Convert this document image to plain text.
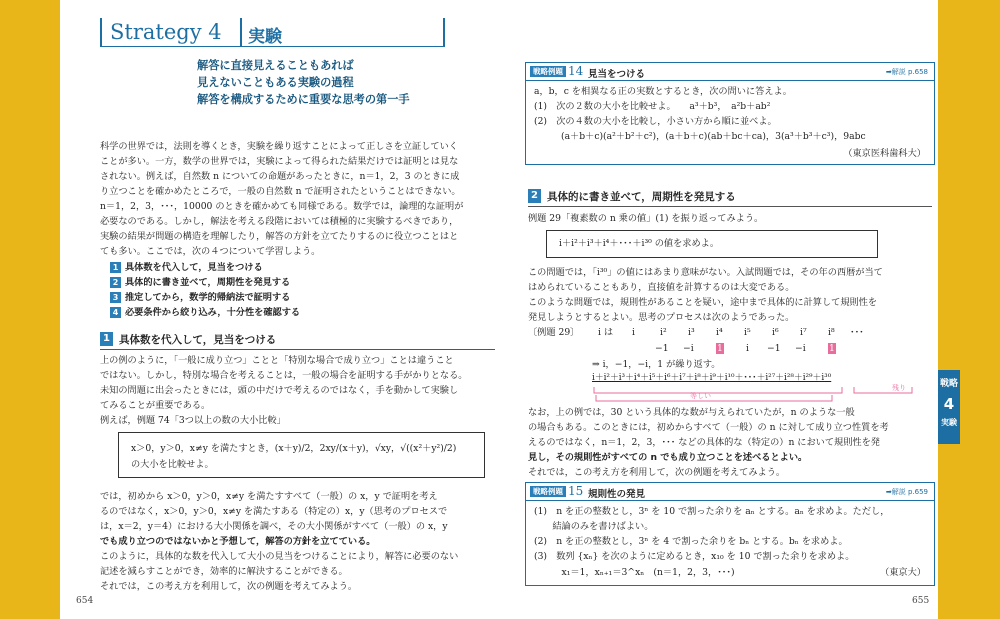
Strategy 4 実験
解答に直接見えることもあれば
見えないこともある実験の過程
解答を構成するために重要な思考の第一手
科学の世界では，法則を導くとき，実験を繰り返すことによって正しさを立証していく
ことが多い。一方，数学の世界では，実験によって得られた結果だけでは証明とは見な
されない。例えば，自然数 n についての命題があったときに，n＝1，2，3 のときに成
り立つことを確かめたところで，一般の自然数 n で証明されたということはできない。
n＝1，2，3，･･･，10000 のときを確かめても同様である。数学では，論理的な証明が
必要なのである。しかし，解法を考える段階においては積極的に実験するべきであり，
実験の結果が問題の構造を理解したり，解答の方針を立てたりするのに役立つことはと
ても多い。ここでは，次の４つについて学習しよう。
1 具体数を代入して，見当をつける
2 具体的に書き並べて，周期性を発見する
3 推定してから，数学的帰納法で証明する
4 必要条件から絞り込み，十分性を確認する
1 具体数を代入して，見当をつける
上の例のように，「一般に成り立つ」ことと「特別な場合で成り立つ」ことは違うこと
ではない。しかし，特別な場合を考えることは，一般の場合を証明する手がかりとなる。
未知の問題に出会ったときには，頭の中だけで考えるのではなく，手を動かして実験し
てみることが重要である。
例えば，例題 74「3つ以上の数の大小比較」
x＞0，y＞0，x≠y を満たすとき，(x＋y)/2，2xy/(x＋y)，√xy，√((x²＋y²)/2)
の大小を比較せよ。
では，初めから x＞0，y＞0，x≠y を満たすすべて（一般）の x，y で証明を考え
るのではなく，x＞0，y＞0，x≠y を満たすある（特定の）x，y（思考のプロセスで
は，x＝2，y＝4）における大小関係を調べ，その大小関係がすべて（一般）の x，y
でも成り立つのではないかと予想して，解答の方針を立てている。
このように，具体的な数を代入して大小の見当をつけることにより，解答に必要のない
記述を減らすことができ，効率的に解決することができる。
それでは，この考え方を利用して，次の例題を考えてみよう。
654
戦略例題 14 見当をつける	➡解説 p.658
a，b，c を相異なる正の実数とするとき，次の問いに答えよ。
(1)　次の２数の大小を比較せよ。　　a³＋b³，　a²b＋ab²
(2)　次の４数の大小を比較し，小さい方から順に並べよ。
(a＋b＋c)(a²＋b²＋c²)，(a＋b＋c)(ab＋bc＋ca)，3(a³＋b³＋c³)，9abc
（東京医科歯科大）
2 具体的に書き並べて，周期性を発見する
例題 29「複素数の n 乗の値」(1) を振り返ってみよう。
i＋i²＋i³＋i⁴＋･･･＋i³⁰ の値を求めよ。
この問題では，「i³⁰」の値にはあまり意味がない。入試問題では，その年の西暦が当て
はめられていることもあり，直接値を計算するのは大変である。
このような問題では，規則性があることを疑い，途中まで具体的に計算して規則性を
発見しようとするとよい。思考のプロセスは次のようであった。
〔例題 29〕 i は i	i² i³ i⁴ i⁵ i⁶ i⁷ i⁸ ･･･
−1 −i	1	i −1 −i	1
⇒ i，−1，−i，1 が繰り返す。
i＋i²＋i³＋i⁴＋i⁵＋i⁶＋i⁷＋i⁸＋i⁹＋i¹⁰＋･･･＋i²⁷＋i²⁸＋i²⁹＋i³⁰
等しい
残り
なお，上の例では，30 という具体的な数が与えられていたが，n のような一般
の場合もある。このときには，初めからすべて（一般）の n に対して成り立つ性質を考
えるのではなく，n＝1，2，3，･･･ などの具体的な（特定の）n において規則性を発
見し，その規則性がすべての n でも成り立つことを述べるとよい。
それでは，この考え方を利用して，次の例題を考えてみよう。
戦略例題 15 規則性の発見	➡解説 p.659
(1)　n を正の整数とし，3ⁿ を 10 で割った余りを aₙ とする。aₙ を求めよ。ただし，
　　結論のみを書けばよい。
(2)　n を正の整数とし，3ⁿ を 4 で割った余りを bₙ とする。bₙ を求めよ。
(3)　数列 {xₙ} を次のように定めるとき，x₁₀ を 10 で割った余りを求めよ。
　　　x₁＝1，xₙ₊₁＝3^xₙ　(n＝1，2，3，･･･)	（東京大）
655
戦略
4
実験
